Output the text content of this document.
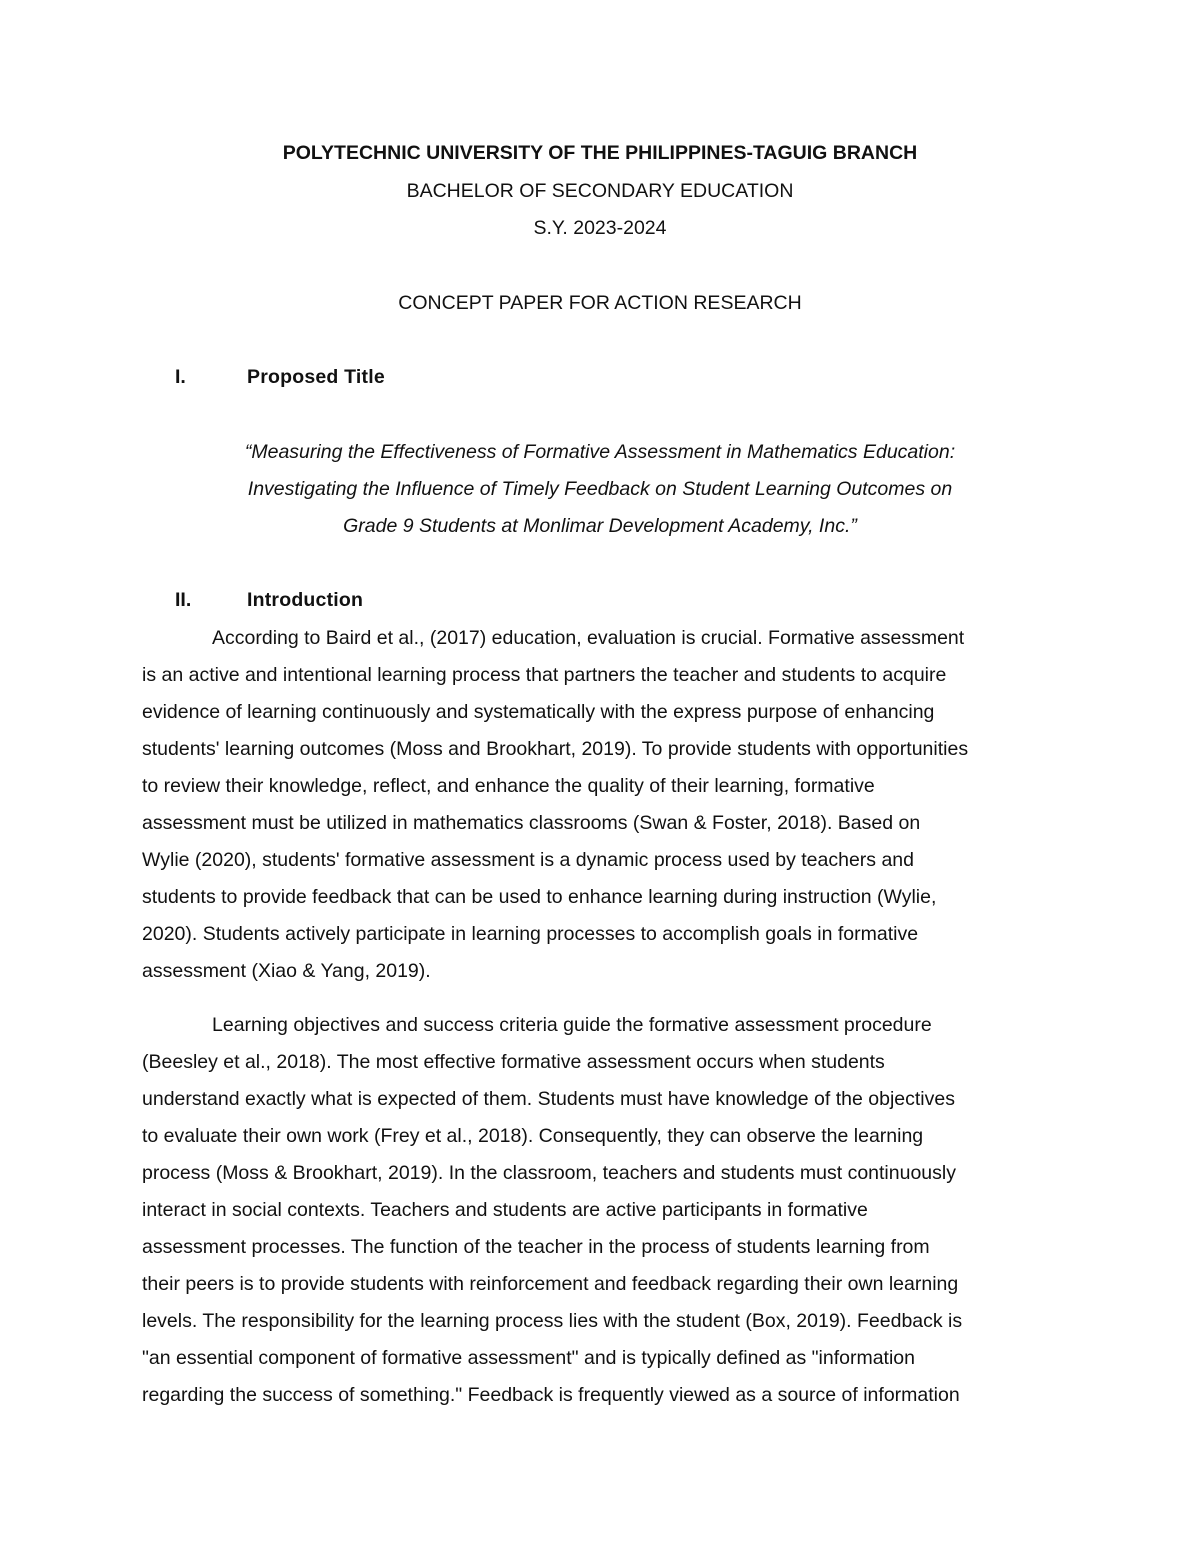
POLYTECHNIC UNIVERSITY OF THE PHILIPPINES-TAGUIG BRANCH
BACHELOR OF SECONDARY EDUCATION
S.Y. 2023-2024
CONCEPT PAPER FOR ACTION RESEARCH
I.	Proposed Title
“Measuring the Effectiveness of Formative Assessment in Mathematics Education:
Investigating the Influence of Timely Feedback on Student Learning Outcomes on
Grade 9 Students at Monlimar Development Academy, Inc.”
II.	Introduction
According to Baird et al., (2017) education, evaluation is crucial. Formative assessment
is an active and intentional learning process that partners the teacher and students to acquire
evidence of learning continuously and systematically with the express purpose of enhancing
students' learning outcomes (Moss and Brookhart, 2019). To provide students with opportunities
to review their knowledge, reflect, and enhance the quality of their learning, formative
assessment must be utilized in mathematics classrooms (Swan & Foster, 2018). Based on
Wylie (2020), students' formative assessment is a dynamic process used by teachers and
students to provide feedback that can be used to enhance learning during instruction (Wylie,
2020). Students actively participate in learning processes to accomplish goals in formative
assessment (Xiao & Yang, 2019).
Learning objectives and success criteria guide the formative assessment procedure
(Beesley et al., 2018). The most effective formative assessment occurs when students
understand exactly what is expected of them. Students must have knowledge of the objectives
to evaluate their own work (Frey et al., 2018). Consequently, they can observe the learning
process (Moss & Brookhart, 2019). In the classroom, teachers and students must continuously
interact in social contexts. Teachers and students are active participants in formative
assessment processes. The function of the teacher in the process of students learning from
their peers is to provide students with reinforcement and feedback regarding their own learning
levels. The responsibility for the learning process lies with the student (Box, 2019). Feedback is
"an essential component of formative assessment" and is typically defined as "information
regarding the success of something." Feedback is frequently viewed as a source of information
